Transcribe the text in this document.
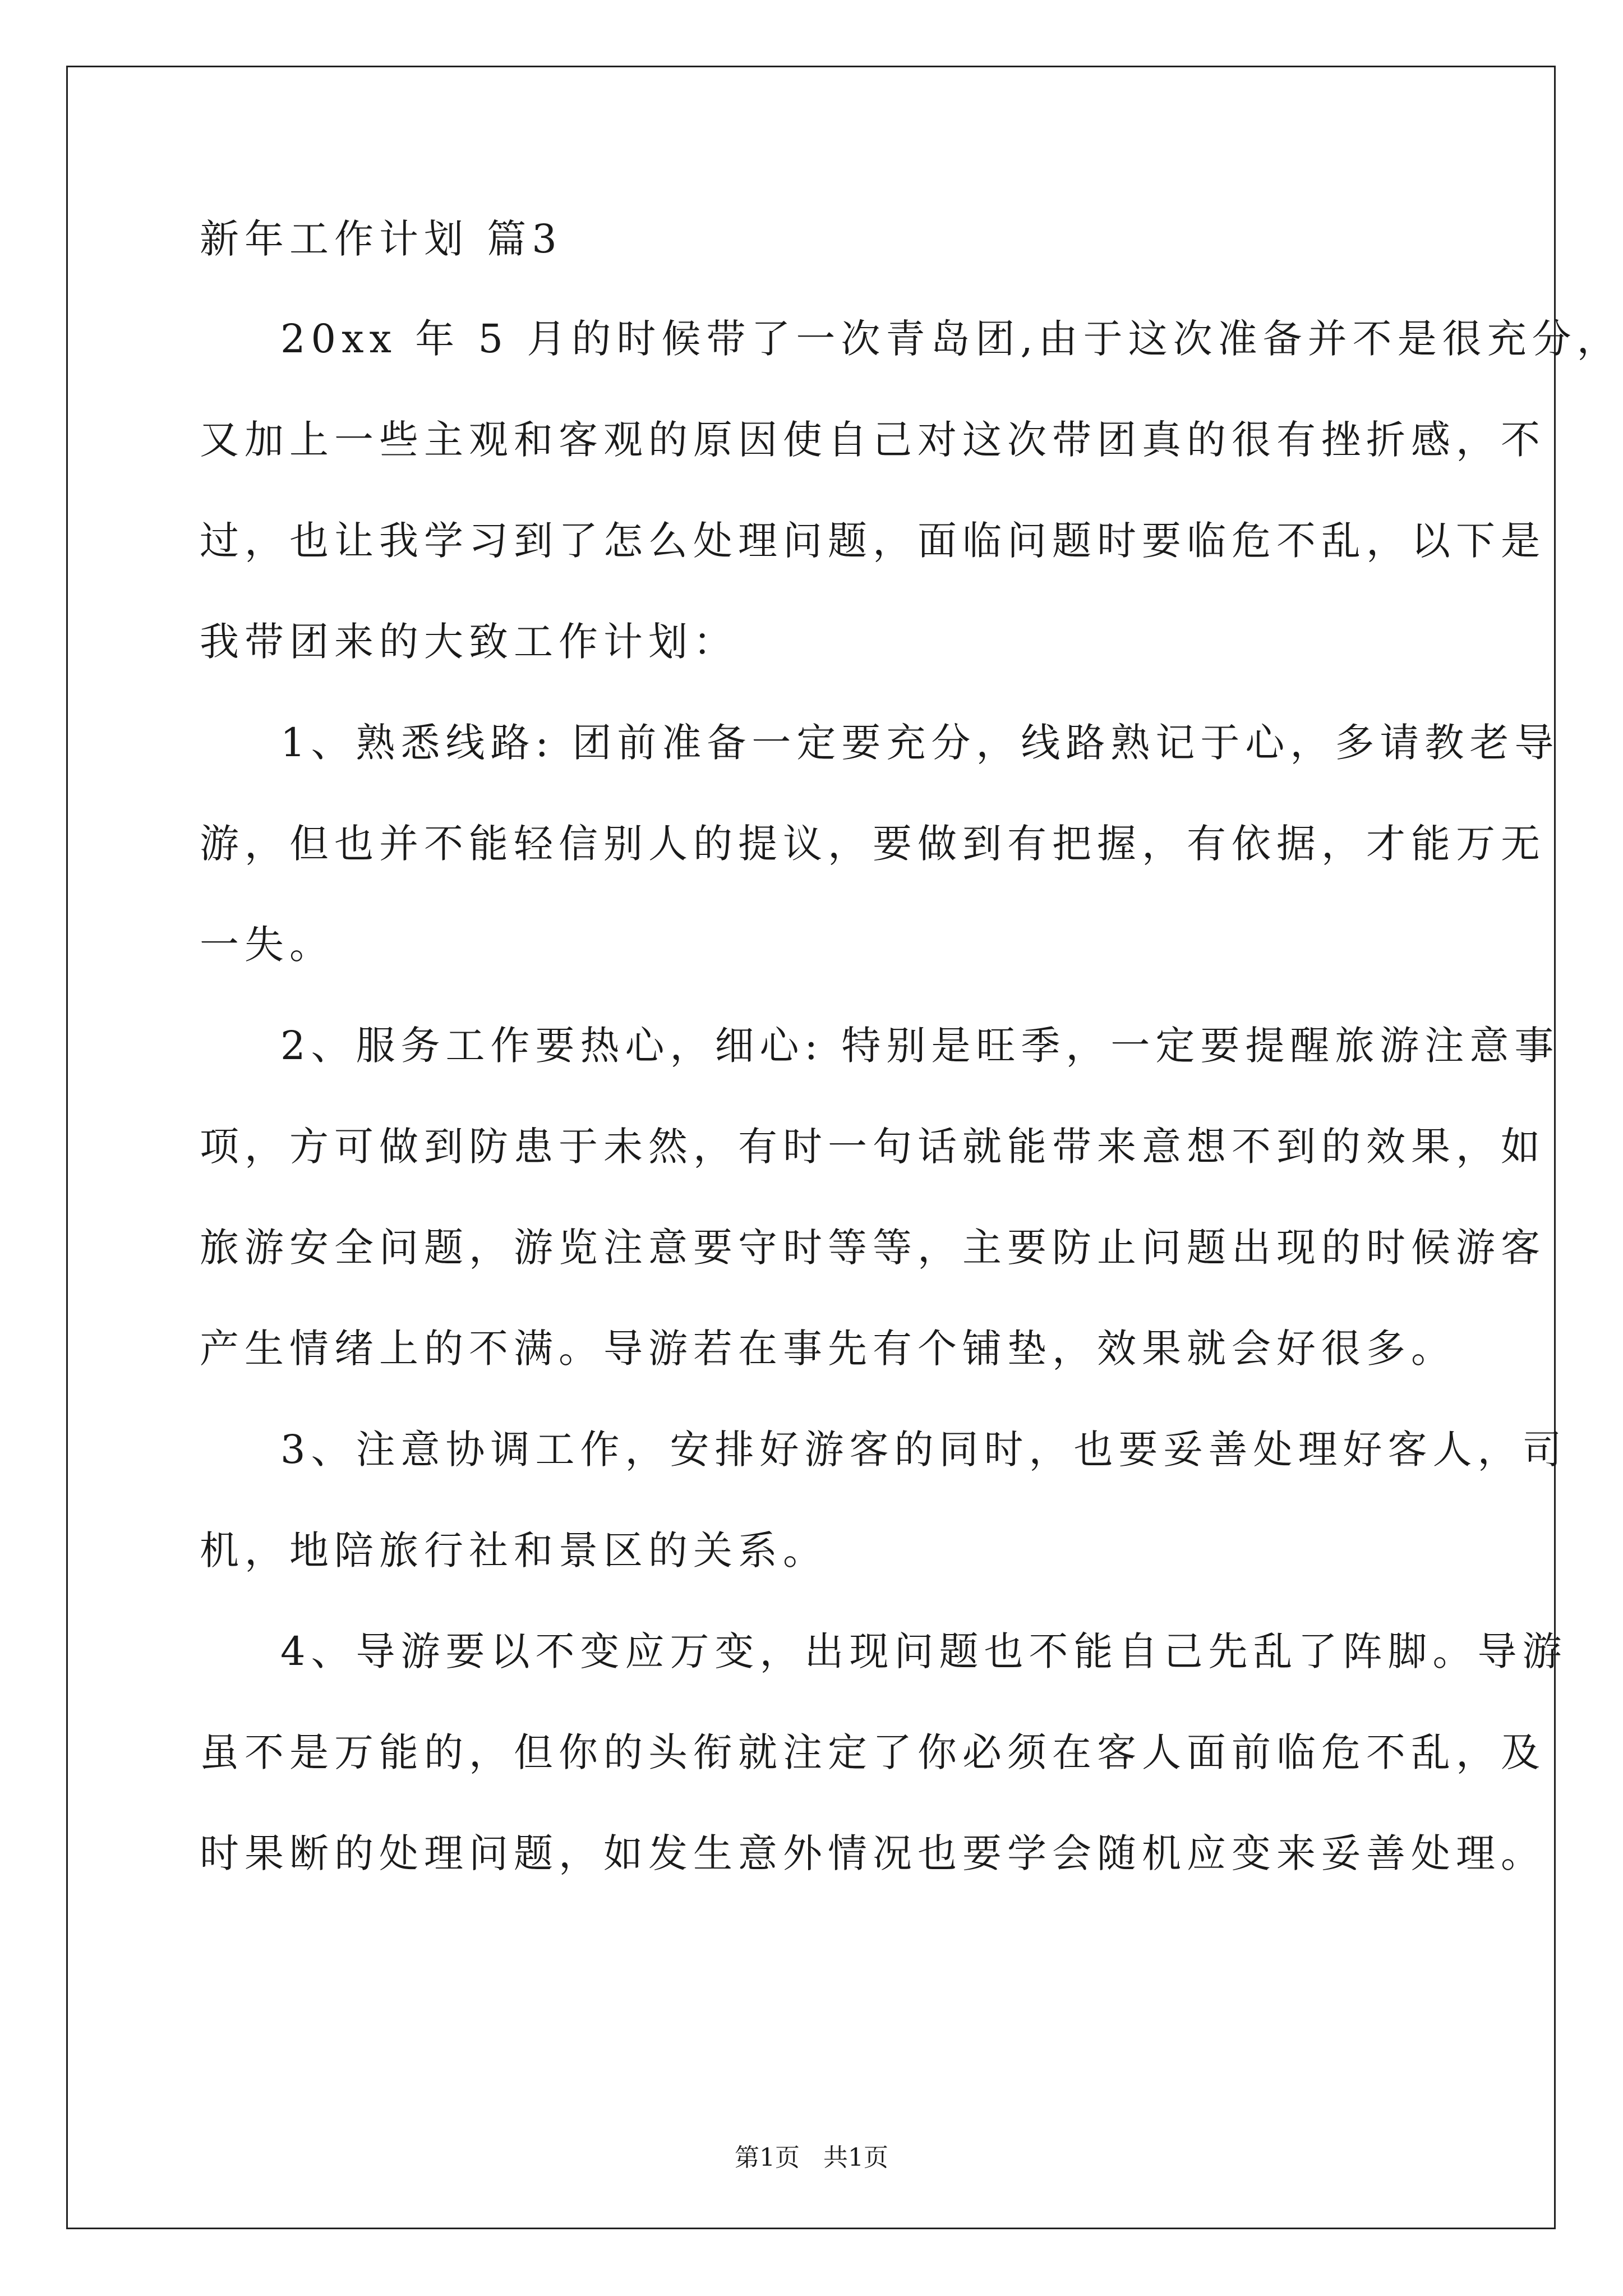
新年工作计划 篇3
20xx 年 5 月的时候带了一次青岛团,由于这次准备并不是很充分，
又加上一些主观和客观的原因使自己对这次带团真的很有挫折感，不
过，也让我学习到了怎么处理问题，面临问题时要临危不乱，以下是
我带团来的大致工作计划：
1、熟悉线路: 团前准备一定要充分，线路熟记于心，多请教老导
游，但也并不能轻信别人的提议，要做到有把握，有依据，才能万无
一失。
2、服务工作要热心，细心: 特别是旺季，一定要提醒旅游注意事
项，方可做到防患于未然，有时一句话就能带来意想不到的效果，如
旅游安全问题，游览注意要守时等等，主要防止问题出现的时候游客
产生情绪上的不满。导游若在事先有个铺垫，效果就会好很多。
3、注意协调工作，安排好游客的同时，也要妥善处理好客人，司
机，地陪旅行社和景区的关系。
4、导游要以不变应万变，出现问题也不能自己先乱了阵脚。导游
虽不是万能的，但你的头衔就注定了你必须在客人面前临危不乱，及
时果断的处理问题，如发生意外情况也要学会随机应变来妥善处理。
第1页   共1页
